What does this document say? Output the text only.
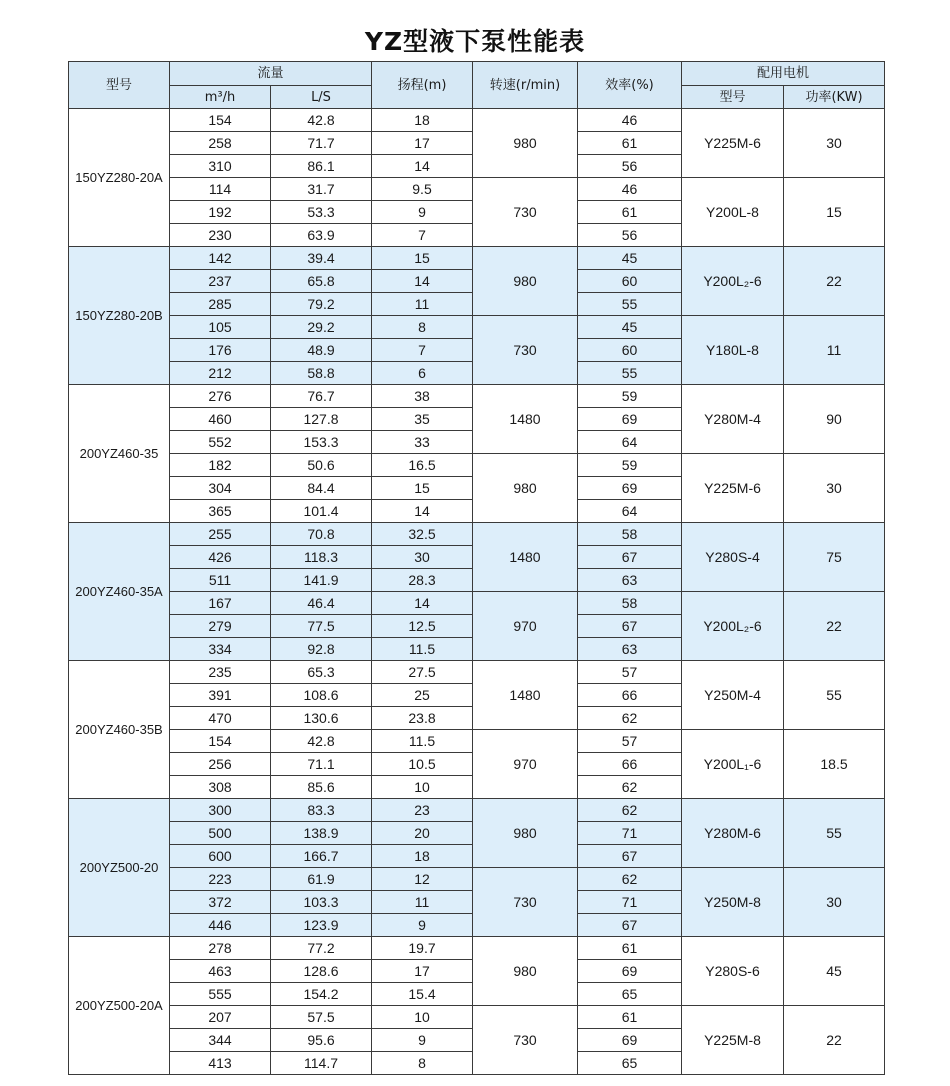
YZ型液下泵性能表
型号	流量		扬程(m)	转速(r/min)	效率(%)	配用电机	
	m³/h	L/S				型号	功率(KW)
150YZ280-20A	154	42.8	18	980	46	Y225M-6	30
	258	71.7	17		61		
	310	86.1	14		56		
	114	31.7	9.5	730	46	Y200L-8	15
	192	53.3	9		61		
	230	63.9	7		56		
150YZ280-20B	142	39.4	15	980	45	Y200L₂-6	22
	237	65.8	14		60		
	285	79.2	11		55		
	105	29.2	8	730	45	Y180L-8	11
	176	48.9	7		60		
	212	58.8	6		55		
200YZ460-35	276	76.7	38	1480	59	Y280M-4	90
	460	127.8	35		69		
	552	153.3	33		64		
	182	50.6	16.5	980	59	Y225M-6	30
	304	84.4	15		69		
	365	101.4	14		64		
200YZ460-35A	255	70.8	32.5	1480	58	Y280S-4	75
	426	118.3	30		67		
	511	141.9	28.3		63		
	167	46.4	14	970	58	Y200L₂-6	22
	279	77.5	12.5		67		
	334	92.8	11.5		63		
200YZ460-35B	235	65.3	27.5	1480	57	Y250M-4	55
	391	108.6	25		66		
	470	130.6	23.8		62		
	154	42.8	11.5	970	57	Y200L₁-6	18.5
	256	71.1	10.5		66		
	308	85.6	10		62		
200YZ500-20	300	83.3	23	980	62	Y280M-6	55
	500	138.9	20		71		
	600	166.7	18		67		
	223	61.9	12	730	62	Y250M-8	30
	372	103.3	11		71		
	446	123.9	9		67		
200YZ500-20A	278	77.2	19.7	980	61	Y280S-6	45
	463	128.6	17		69		
	555	154.2	15.4		65		
	207	57.5	10	730	61	Y225M-8	22
	344	95.6	9		69		
	413	114.7	8		65		
